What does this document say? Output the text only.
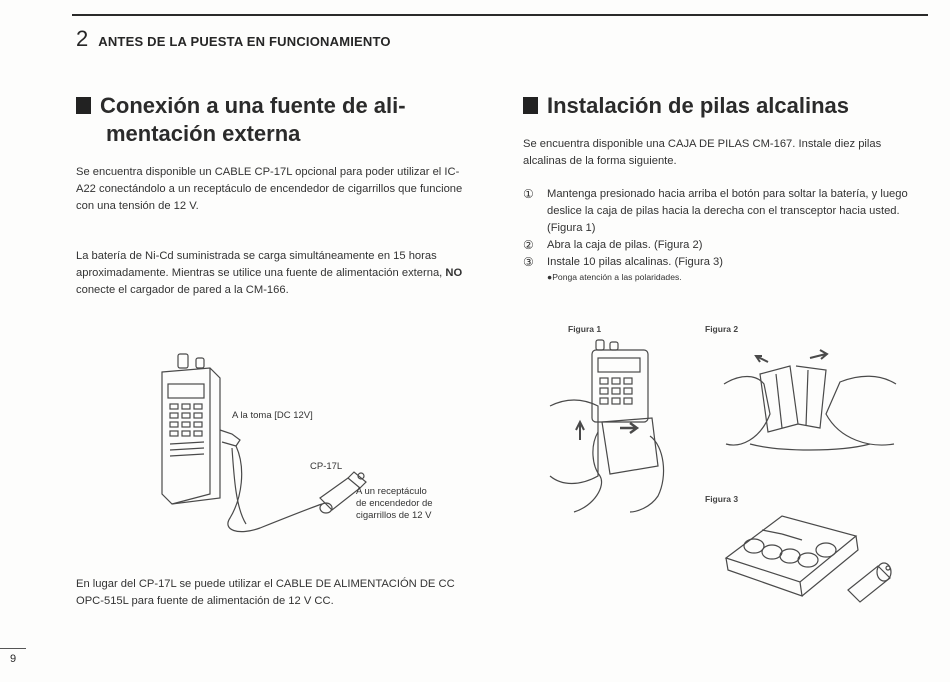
2 ANTES DE LA PUESTA EN FUNCIONAMIENTO
Conexión a una fuente de ali-
mentación externa

Se encuentra disponible un CABLE CP-17L opcional para poder utilizar el IC-A22 conectándolo a un receptáculo de encendedor de cigarrillos que funcione con una tensión de 12 V.

La batería de Ni-Cd suministrada se carga simultáneamente en 15 horas aproximadamente. Mientras se utilice una fuente de alimentación externa, NO conecte el cargador de pared a la CM-166.

A la toma [DC 12V]
CP-17L
A un receptáculo
de encendedor de
cigarrillos de 12 V

En lugar del CP-17L se puede utilizar el CABLE DE ALIMENTACIÓN DE CC OPC-515L para fuente de alimentación de 12 V CC.

Instalación de pilas alcalinas

Se encuentra disponible una CAJA DE PILAS CM-167. Instale diez pilas alcalinas de la forma siguiente.

①	Mantenga presionado hacia arriba el botón para soltar la batería, y luego deslice la caja de pilas hacia la derecha con el transceptor hacia usted. (Figura 1)
②	Abra la caja de pilas. (Figura 2)
③	Instale 10 pilas alcalinas. (Figura 3)
●Ponga atención a las polaridades.
Figura 1	Figura 2
Figura 3
9
